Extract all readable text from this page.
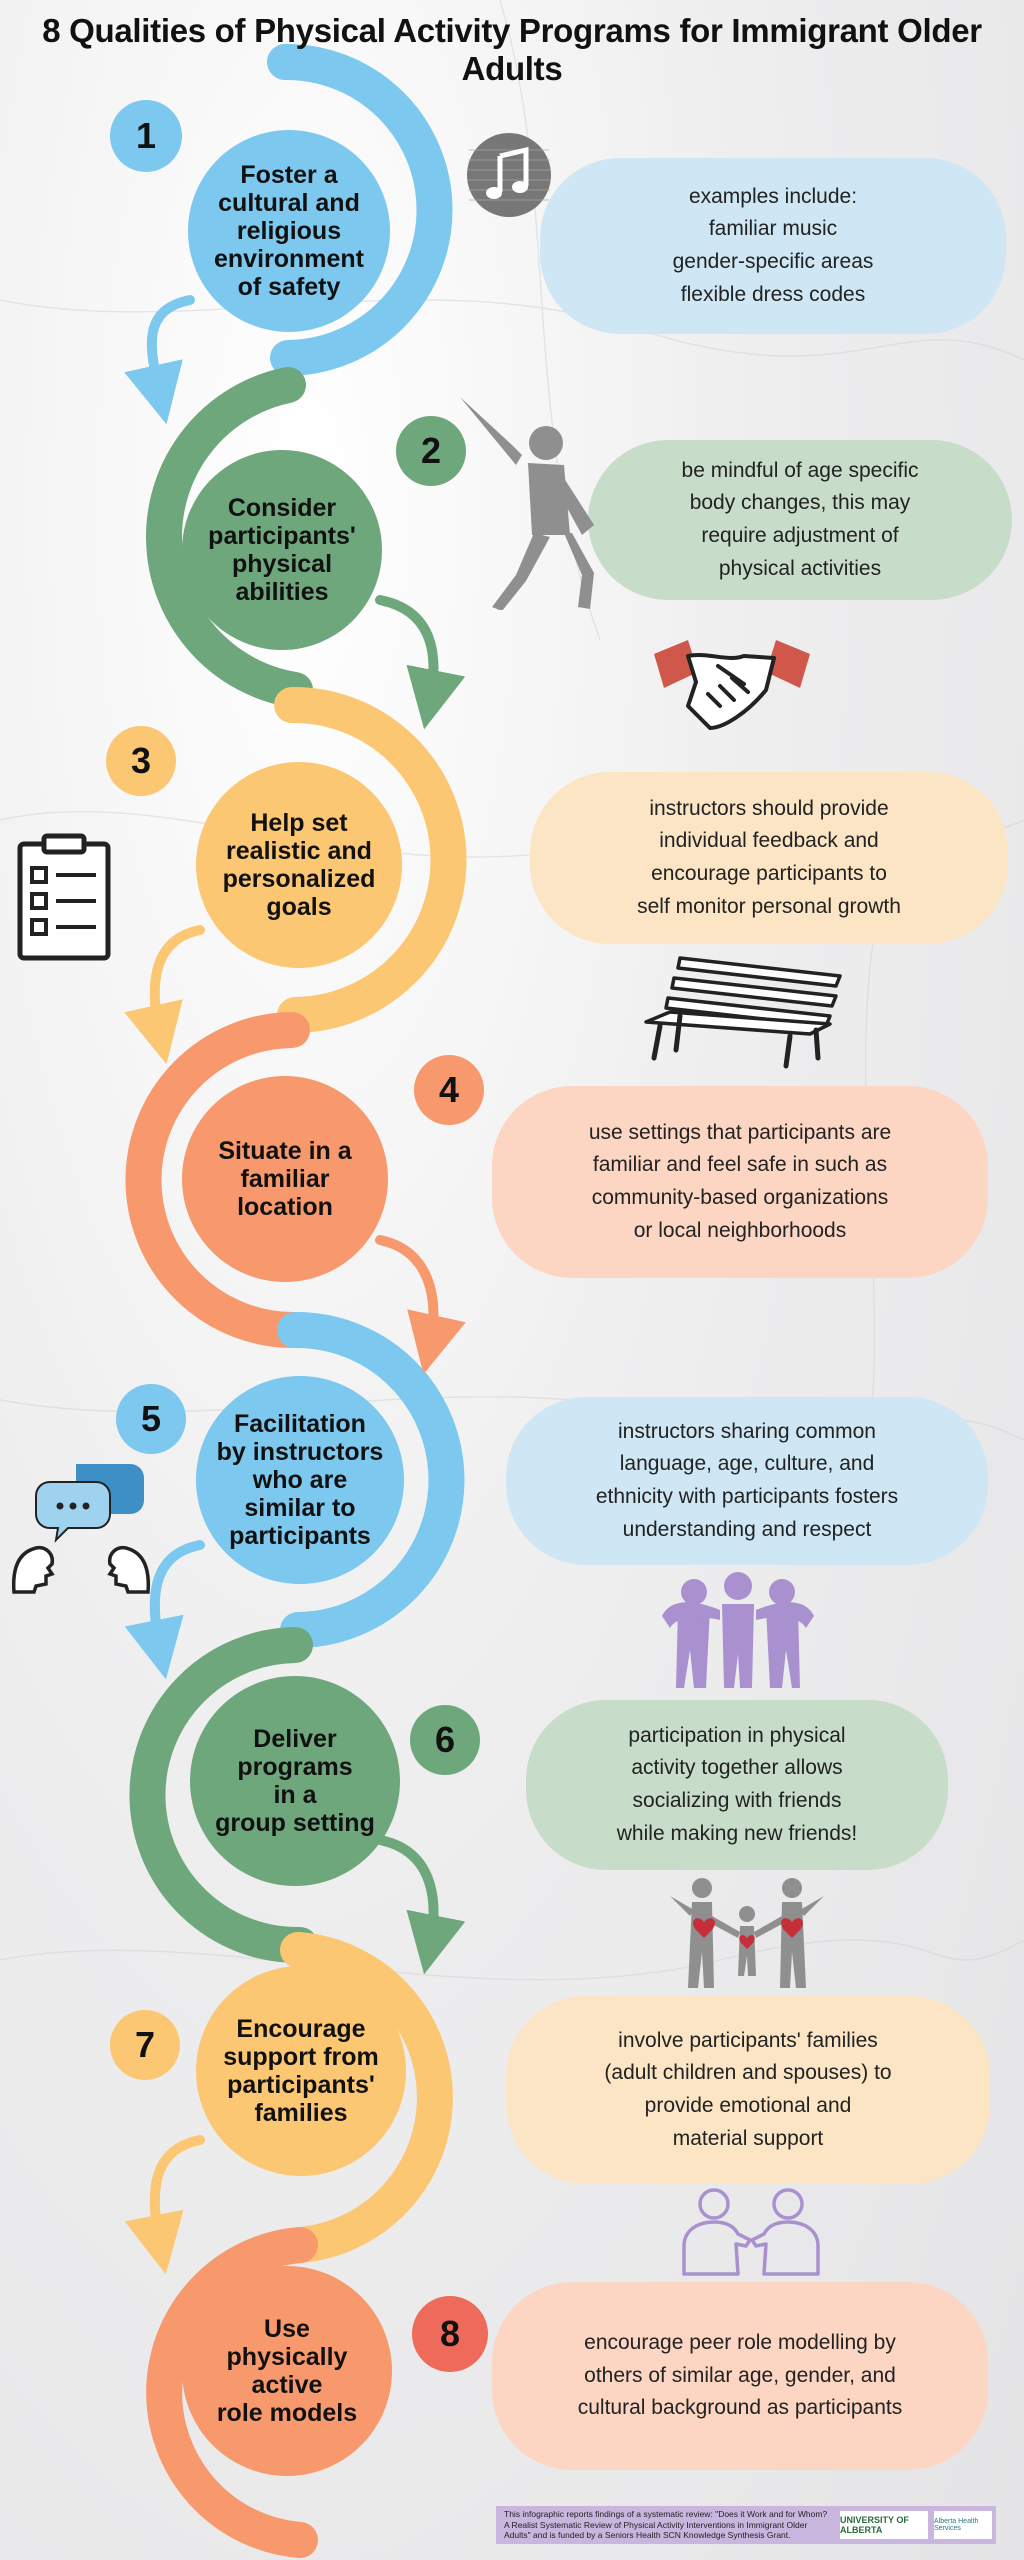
8 Qualities of Physical Activity Programs for Immigrant Older Adults
1
Foster a
cultural and
religious
environment
of safety
examples include:
familiar music
gender-specific areas
flexible dress codes
2
Consider
participants'
physical
abilities
be mindful of age specific
body changes, this may
require adjustment of
physical activities
3
Help set
realistic and
personalized
goals
instructors should provide
individual feedback and
encourage participants to
self monitor personal growth
4
Situate in a
familiar
location
use settings that participants are
familiar and feel safe in such as
community-based organizations
or local neighborhoods
5	Facilitation
by instructors
who are
similar to
participants
instructors sharing common
language, age, culture, and
ethnicity with participants fosters
understanding and respect
6
Deliver
programs
in a
group setting
participation in physical
activity together allows
socializing with friends
while making new friends!
7	Encourage
support from
participants'
families
involve participants' families
(adult children and spouses) to
provide emotional and
material support
8
Use
physically
active
role models
encourage peer role modelling by
others of similar age, gender, and
cultural background as participants
This infographic reports findings of a systematic review: "Does it Work and for Whom? A Realist Systematic Review of Physical Activity Interventions in Immigrant Older Adults" and is funded by a Seniors Health SCN Knowledge Synthesis Grant.
UNIVERSITY OF ALBERTA
Alberta Health Services
